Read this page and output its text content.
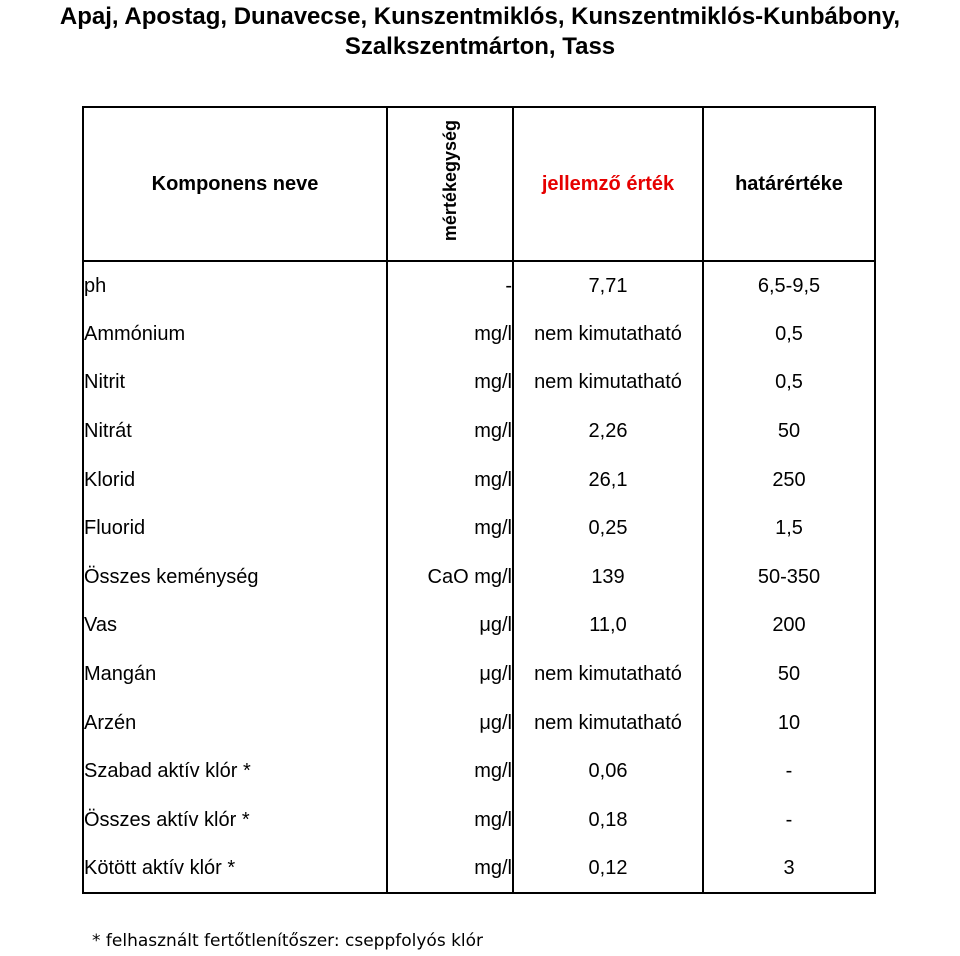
Apaj, Apostag, Dunavecse, Kunszentmiklós, Kunszentmiklós-Kunbábony,
Szalkszentmárton, Tass
Komponens neve	mértékegység	jellemző érték	határértéke
ph	-	7,71	6,5-9,5
Ammónium	mg/l	nem kimutatható	0,5
Nitrit	mg/l	nem kimutatható	0,5
Nitrát	mg/l	2,26	50
Klorid	mg/l	26,1	250
Fluorid	mg/l	0,25	1,5
Összes keménység	CaO mg/l	139	50-350
Vas	μg/l	11,0	200
Mangán	μg/l	nem kimutatható	50
Arzén	μg/l	nem kimutatható	10
Szabad aktív klór *	mg/l	0,06	-
Összes aktív klór *	mg/l	0,18	-
Kötött aktív klór *	mg/l	0,12	3

* felhasznált fertőtlenítőszer: cseppfolyós klór
